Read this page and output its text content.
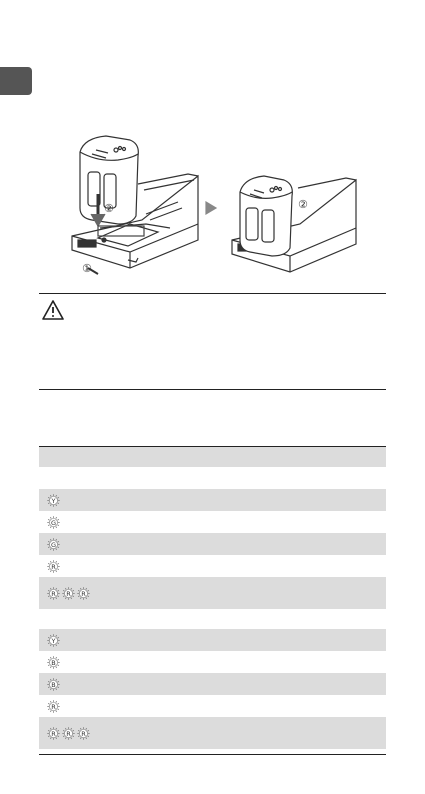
②
①
②
Y
G
G
R
R R R
Y
B
B
R
R R R
